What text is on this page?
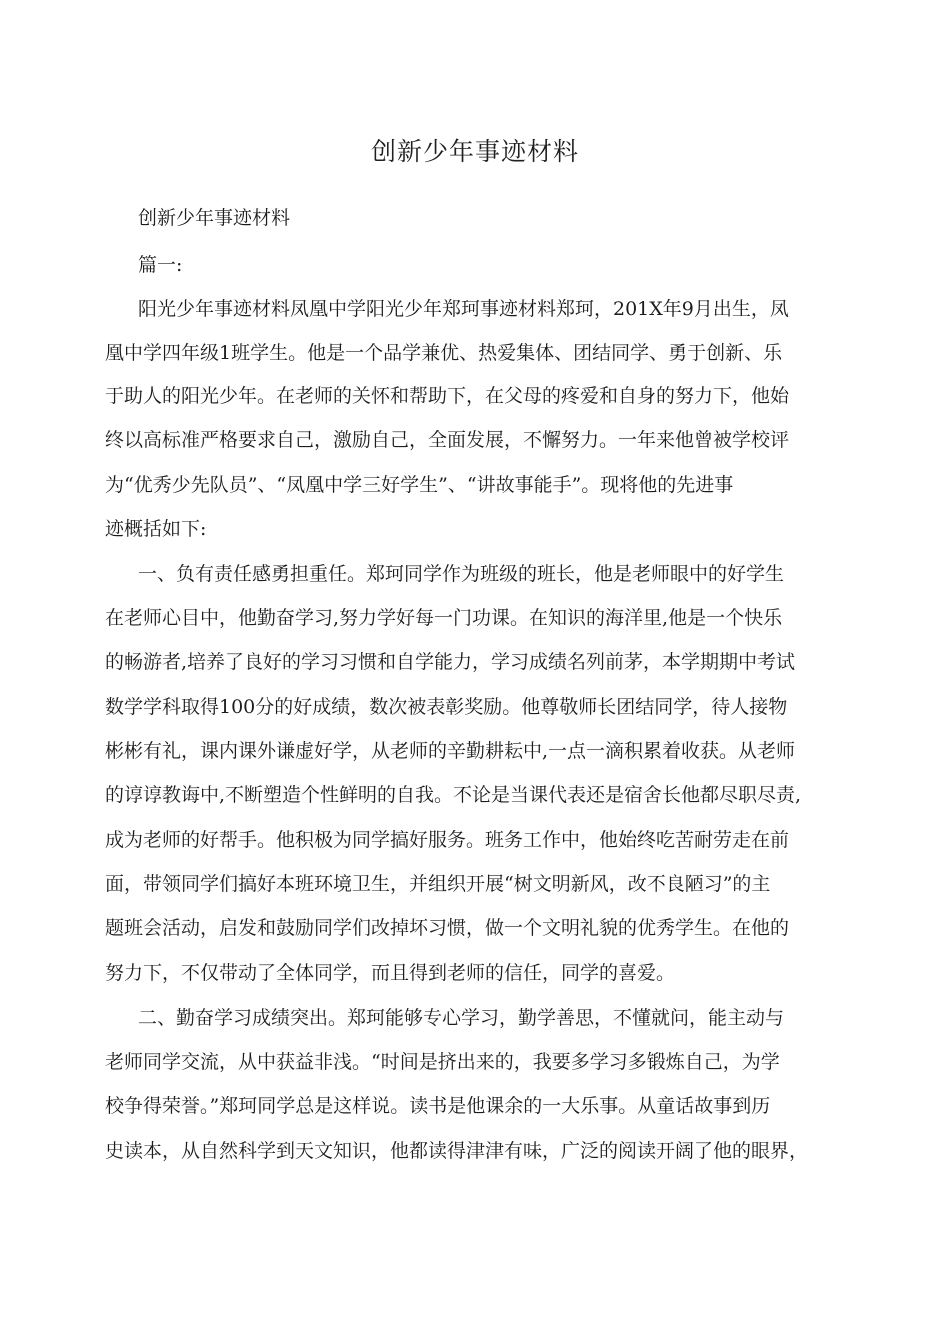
创新少年事迹材料
创新少年事迹材料
篇一:
阳光少年事迹材料凤凰中学阳光少年郑珂事迹材料郑珂，201X年9月出生，凤
凰中学四年级1班学生。他是一个品学兼优、热爱集体、团结同学、勇于创新、乐
于助人的阳光少年。在老师的关怀和帮助下，在父母的疼爱和自身的努力下，他始
终以高标准严格要求自己，激励自己，全面发展，不懈努力。一年来他曾被学校评
为“优秀少先队员”、“凤凰中学三好学生”、“讲故事能手”。现将他的先进事
迹概括如下:
一、负有责任感勇担重任。郑珂同学作为班级的班长，他是老师眼中的好学生
在老师心目中，他勤奋学习,努力学好每一门功课。在知识的海洋里,他是一个快乐
的畅游者,培养了良好的学习习惯和自学能力，学习成绩名列前茅，本学期期中考试
数学学科取得100分的好成绩，数次被表彰奖励。他尊敬师长团结同学，待人接物
彬彬有礼，课内课外谦虚好学，从老师的辛勤耕耘中,一点一滴积累着收获。从老师
的谆谆教诲中,不断塑造个性鲜明的自我。不论是当课代表还是宿舍长他都尽职尽责,
成为老师的好帮手。他积极为同学搞好服务。班务工作中，他始终吃苦耐劳走在前
面，带领同学们搞好本班环境卫生，并组织开展“树文明新风，改不良陋习”的主
题班会活动，启发和鼓励同学们改掉坏习惯，做一个文明礼貌的优秀学生。在他的
努力下，不仅带动了全体同学，而且得到老师的信任，同学的喜爱。
二、勤奋学习成绩突出。郑珂能够专心学习，勤学善思，不懂就问，能主动与
老师同学交流，从中获益非浅。“时间是挤出来的，我要多学习多锻炼自己，为学
校争得荣誉。”郑珂同学总是这样说。读书是他课余的一大乐事。从童话故事到历
史读本，从自然科学到天文知识，他都读得津津有味，广泛的阅读开阔了他的眼界，
